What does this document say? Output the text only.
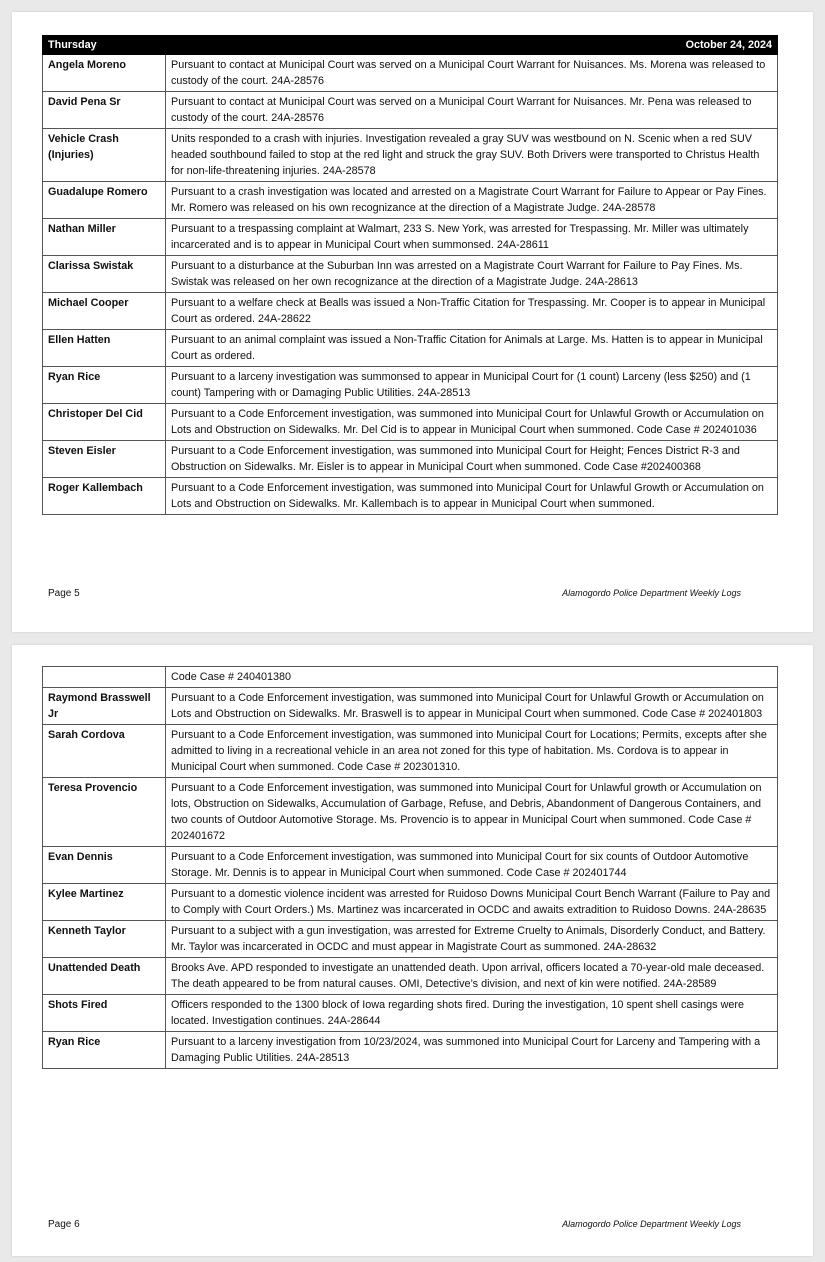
Thursday	October 24, 2024
Angela Moreno	Pursuant to contact at Municipal Court was served on a Municipal Court Warrant for Nuisances. Ms. Morena was released to custody of the court. 24A-28576
David Pena Sr	Pursuant to contact at Municipal Court was served on a Municipal Court Warrant for Nuisances. Mr. Pena was released to custody of the court. 24A-28576
Vehicle Crash (Injuries)	Units responded to a crash with injuries. Investigation revealed a gray SUV was westbound on N. Scenic when a red SUV headed southbound failed to stop at the red light and struck the gray SUV. Both Drivers were transported to Christus Health for non-life-threatening injuries. 24A-28578
Guadalupe Romero	Pursuant to a crash investigation was located and arrested on a Magistrate Court Warrant for Failure to Appear or Pay Fines. Mr. Romero was released on his own recognizance at the direction of a Magistrate Judge. 24A-28578
Nathan Miller	Pursuant to a trespassing complaint at Walmart, 233 S. New York, was arrested for Trespassing. Mr. Miller was ultimately incarcerated and is to appear in Municipal Court when summonsed. 24A-28611
Clarissa Swistak	Pursuant to a disturbance at the Suburban Inn was arrested on a Magistrate Court Warrant for Failure to Pay Fines. Ms. Swistak was released on her own recognizance at the direction of a Magistrate Judge. 24A-28613
Michael Cooper	Pursuant to a welfare check at Bealls was issued a Non-Traffic Citation for Trespassing. Mr. Cooper is to appear in Municipal Court as ordered. 24A-28622
Ellen Hatten	Pursuant to an animal complaint was issued a Non-Traffic Citation for Animals at Large. Ms. Hatten is to appear in Municipal Court as ordered.
Ryan Rice	Pursuant to a larceny investigation was summonsed to appear in Municipal Court for (1 count) Larceny (less $250) and (1 count) Tampering with or Damaging Public Utilities. 24A-28513
Christoper Del Cid	Pursuant to a Code Enforcement investigation, was summoned into Municipal Court for Unlawful Growth or Accumulation on Lots and Obstruction on Sidewalks. Mr. Del Cid is to appear in Municipal Court when summoned. Code Case # 202401036
Steven Eisler	Pursuant to a Code Enforcement investigation, was summoned into Municipal Court for Height; Fences District R-3 and Obstruction on Sidewalks. Mr. Eisler is to appear in Municipal Court when summoned. Code Case #202400368
Roger Kallembach	Pursuant to a Code Enforcement investigation, was summoned into Municipal Court for Unlawful Growth or Accumulation on Lots and Obstruction on Sidewalks. Mr. Kallembach is to appear in Municipal Court when summoned.
Page 5	Alamogordo Police Department Weekly Logs
	Code Case # 240401380
Raymond Brasswell Jr	Pursuant to a Code Enforcement investigation, was summoned into Municipal Court for Unlawful Growth or Accumulation on Lots and Obstruction on Sidewalks. Mr. Braswell is to appear in Municipal Court when summoned. Code Case # 202401803
Sarah Cordova	Pursuant to a Code Enforcement investigation, was summoned into Municipal Court for Locations; Permits, excepts after she admitted to living in a recreational vehicle in an area not zoned for this type of habitation. Ms. Cordova is to appear in Municipal Court when summoned. Code Case # 202301310.
Teresa Provencio	Pursuant to a Code Enforcement investigation, was summoned into Municipal Court for Unlawful growth or Accumulation on lots, Obstruction on Sidewalks, Accumulation of Garbage, Refuse, and Debris, Abandonment of Dangerous Containers, and two counts of Outdoor Automotive Storage. Ms. Provencio is to appear in Municipal Court when summoned. Code Case # 202401672
Evan Dennis	Pursuant to a Code Enforcement investigation, was summoned into Municipal Court for six counts of Outdoor Automotive Storage. Mr. Dennis is to appear in Municipal Court when summoned. Code Case # 202401744
Kylee Martinez	Pursuant to a domestic violence incident was arrested for Ruidoso Downs Municipal Court Bench Warrant (Failure to Pay and to Comply with Court Orders.) Ms. Martinez was incarcerated in OCDC and awaits extradition to Ruidoso Downs. 24A-28635
Kenneth Taylor	Pursuant to a subject with a gun investigation, was arrested for Extreme Cruelty to Animals, Disorderly Conduct, and Battery. Mr. Taylor was incarcerated in OCDC and must appear in Magistrate Court as summoned. 24A-28632
Unattended Death	Brooks Ave. APD responded to investigate an unattended death. Upon arrival, officers located a 70-year-old male deceased. The death appeared to be from natural causes. OMI, Detective’s division, and next of kin were notified. 24A-28589
Shots Fired	Officers responded to the 1300 block of Iowa regarding shots fired. During the investigation, 10 spent shell casings were located. Investigation continues. 24A-28644
Ryan Rice	Pursuant to a larceny investigation from 10/23/2024, was summoned into Municipal Court for Larceny and Tampering with a Damaging Public Utilities. 24A-28513
Page 6	Alamogordo Police Department Weekly Logs
